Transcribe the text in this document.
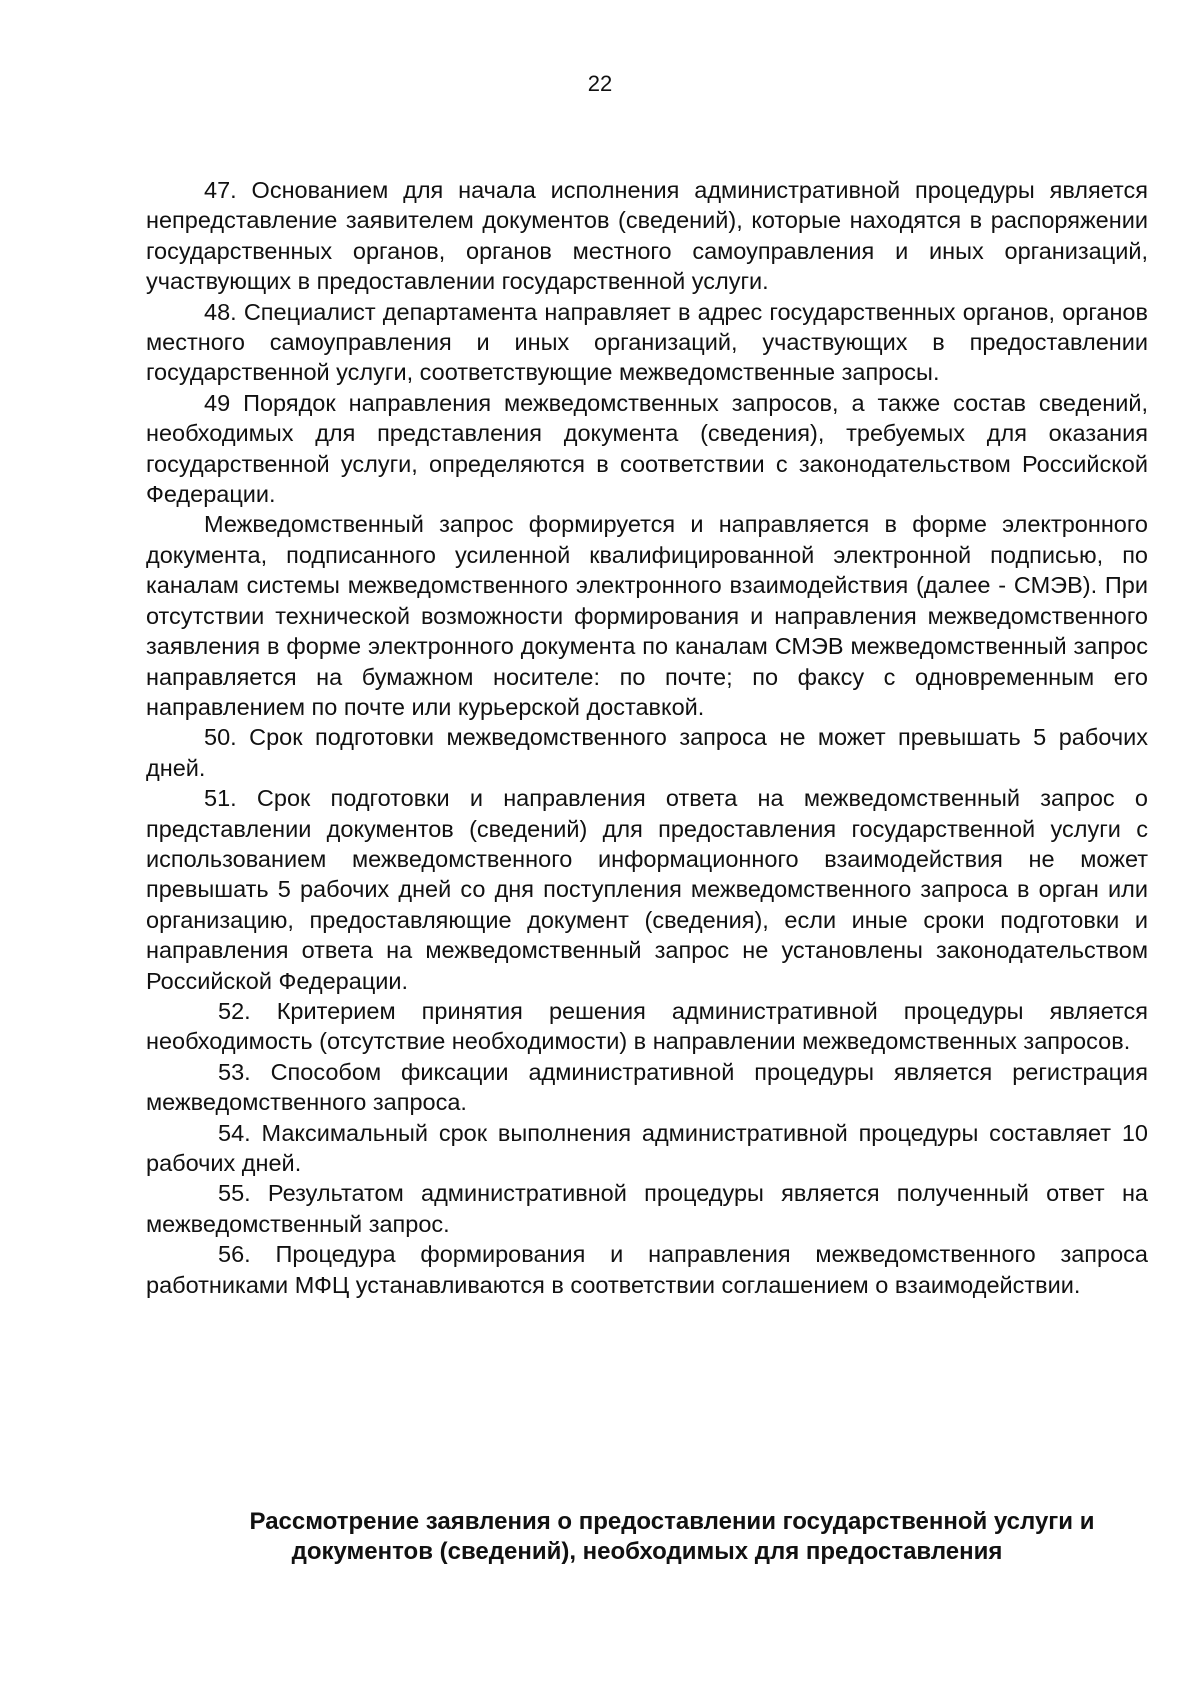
22

47. Основанием для начала исполнения административной процедуры является непредставление заявителем документов (сведений), которые находятся в распоряжении государственных органов, органов местного самоуправления и иных организаций, участвующих в предоставлении государственной услуги.

48. Специалист департамента направляет в адрес государственных органов, органов местного самоуправления и иных организаций, участвующих в предоставлении государственной услуги, соответствующие межведомственные запросы.

49 Порядок направления межведомственных запросов, а также состав сведений, необходимых для представления документа (сведения), требуемых для оказания государственной услуги, определяются в соответствии с законодательством Российской Федерации.

Межведомственный запрос формируется и направляется в форме электронного документа, подписанного усиленной квалифицированной электронной подписью, по каналам системы межведомственного электронного взаимодействия (далее - СМЭВ). При отсутствии технической возможности формирования и направления межведомственного заявления в форме электронного документа по каналам СМЭВ межведомственный запрос направляется на бумажном носителе: по почте; по факсу с одновременным его направлением по почте или курьерской доставкой.

50. Срок подготовки межведомственного запроса не может превышать 5 рабочих дней.

51. Срок подготовки и направления ответа на межведомственный запрос о представлении документов (сведений) для предоставления государственной услуги с использованием межведомственного информационного взаимодействия не может превышать 5 рабочих дней со дня поступления межведомственного запроса в орган или организацию, предоставляющие документ (сведения), если иные сроки подготовки и направления ответа на межведомственный запрос не установлены законодательством Российской Федерации.

52. Критерием принятия решения административной процедуры является необходимость (отсутствие необходимости) в направлении межведомственных запросов.

53. Способом фиксации административной процедуры является регистрация межведомственного запроса.

54. Максимальный срок выполнения административной процедуры составляет 10 рабочих дней.

55. Результатом административной процедуры является полученный ответ на межведомственный запрос.

56. Процедура формирования и направления межведомственного запроса работниками МФЦ устанавливаются в соответствии соглашением о взаимодействии.

Рассмотрение заявления о предоставлении государственной услуги и
документов (сведений), необходимых для предоставления
